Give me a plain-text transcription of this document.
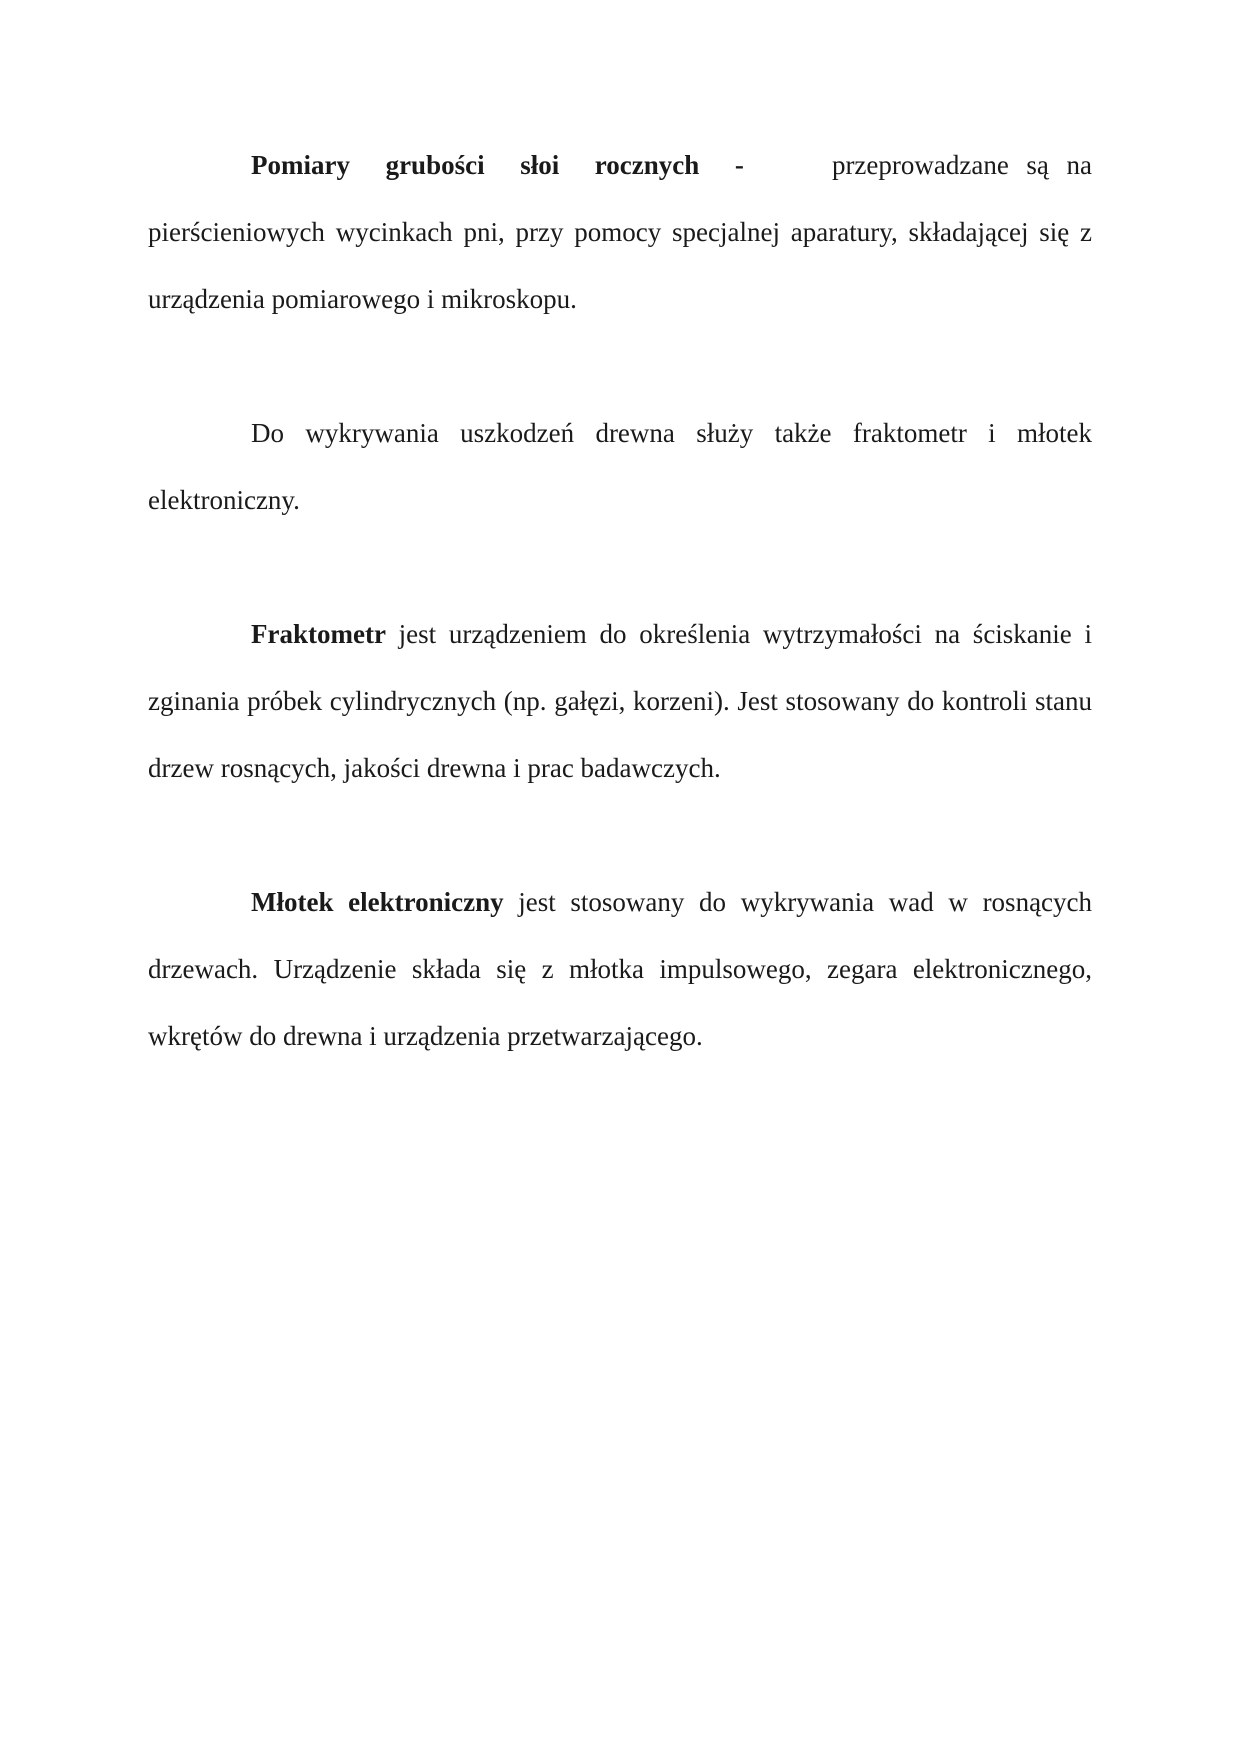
Pomiary grubości słoi rocznych -	przeprowadzane są na pierścieniowych wycinkach pni, przy pomocy specjalnej aparatury, składającej się z urządzenia pomiarowego i mikroskopu.

Do wykrywania uszkodzeń drewna służy także fraktometr i młotek elektroniczny.

Fraktometr jest urządzeniem do określenia wytrzymałości na ściskanie i zginania próbek cylindrycznych (np. gałęzi, korzeni). Jest stosowany do kontroli stanu drzew rosnących, jakości drewna i prac badawczych.

Młotek elektroniczny jest stosowany do wykrywania wad w rosnących drzewach. Urządzenie składa się z młotka impulsowego, zegara elektronicznego, wkrętów do drewna i urządzenia przetwarzającego.
